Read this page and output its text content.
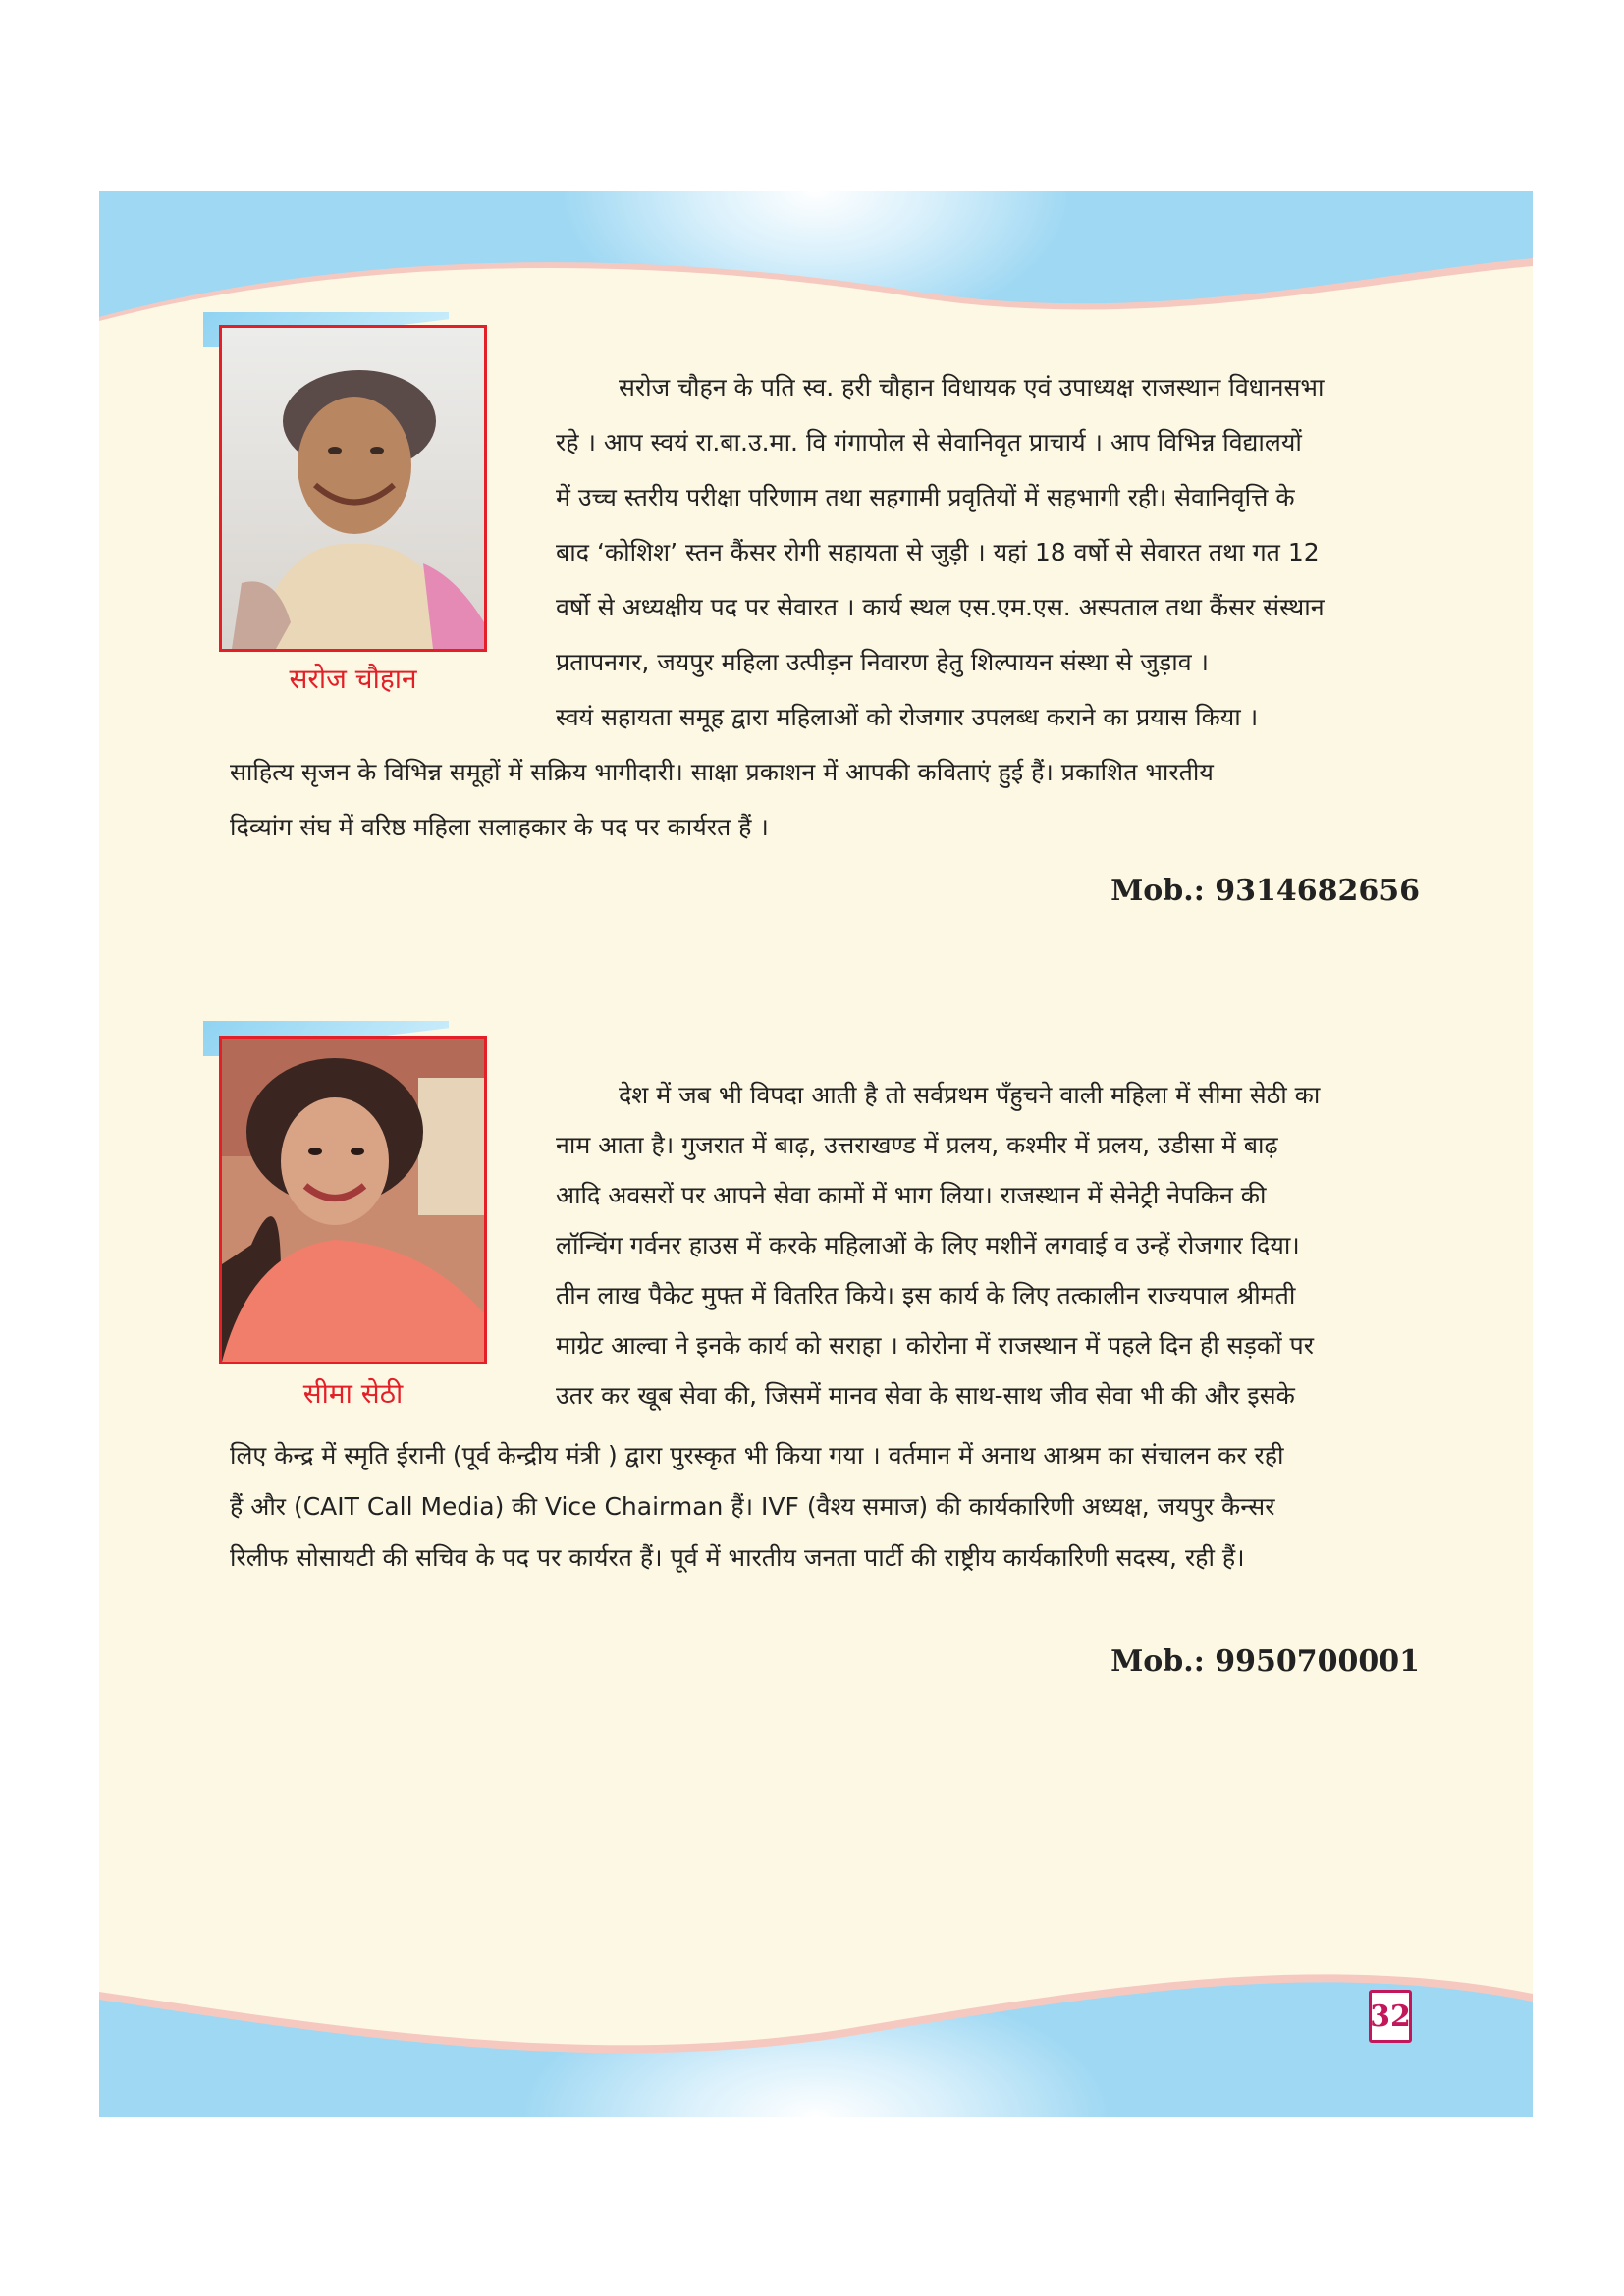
सरोज चौहान
सरोज चौहन के पति स्व. हरी चौहान विधायक एवं उपाध्यक्ष राजस्थान विधानसभा
रहे । आप स्वयं रा.बा.उ.मा. वि गंगापोल से सेवानिवृत प्राचार्य । आप विभिन्न विद्यालयों
में उच्च स्तरीय परीक्षा परिणाम तथा सहगामी प्रवृतियों में सहभागी रही। सेवानिवृत्ति के
बाद ‘कोशिश’ स्तन कैंसर रोगी सहायता से जुड़ी । यहां 18 वर्षो से सेवारत तथा गत 12
वर्षो से अध्यक्षीय पद पर सेवारत । कार्य स्थल एस.एम.एस. अस्पताल तथा कैंसर संस्थान
प्रतापनगर, जयपुर महिला उत्पीड़न निवारण हेतु शिल्पायन संस्था से जुड़ाव ।
स्वयं सहायता समूह द्वारा महिलाओं को रोजगार उपलब्ध कराने का प्रयास किया ।
साहित्य सृजन के विभिन्न समूहों में सक्रिय भागीदारी। साक्षा प्रकाशन में आपकी कविताएं हुई हैं। प्रकाशित भारतीय
दिव्यांग संघ में वरिष्ठ महिला सलाहकार के पद पर कार्यरत हैं ।
Mob.: 9314682656
सीमा सेठी
देश में जब भी विपदा आती है तो सर्वप्रथम पँहुचने वाली महिला में सीमा सेठी का
नाम आता है। गुजरात में बाढ़, उत्तराखण्ड में प्रलय, कश्मीर में प्रलय, उडीसा में बाढ़
आदि अवसरों पर आपने सेवा कामों में भाग लिया। राजस्थान में सेनेट्री नेपकिन की
लॉन्चिंग गर्वनर हाउस में करके महिलाओं के लिए मशीनें लगवाई व उन्हें रोजगार दिया।
तीन लाख पैकेट मुफ्त में वितरित किये। इस कार्य के लिए तत्कालीन राज्यपाल श्रीमती
माग्रेट आल्वा ने इनके कार्य को सराहा । कोरोना में राजस्थान में पहले दिन ही सड़कों पर
उतर कर खूब सेवा की, जिसमें मानव सेवा के साथ-साथ जीव सेवा भी की और इसके
लिए केन्द्र में स्मृति ईरानी (पूर्व केन्द्रीय मंत्री ) द्वारा पुरस्कृत भी किया गया । वर्तमान में अनाथ आश्रम का संचालन कर रही
हैं और (CAIT Call Media) की Vice Chairman हैं। IVF (वैश्य समाज) की कार्यकारिणी अध्यक्ष, जयपुर कैन्सर
रिलीफ सोसायटी की सचिव के पद पर कार्यरत हैं। पूर्व में भारतीय जनता पार्टी की राष्ट्रीय कार्यकारिणी सदस्य, रही हैं।
Mob.: 9950700001
32
